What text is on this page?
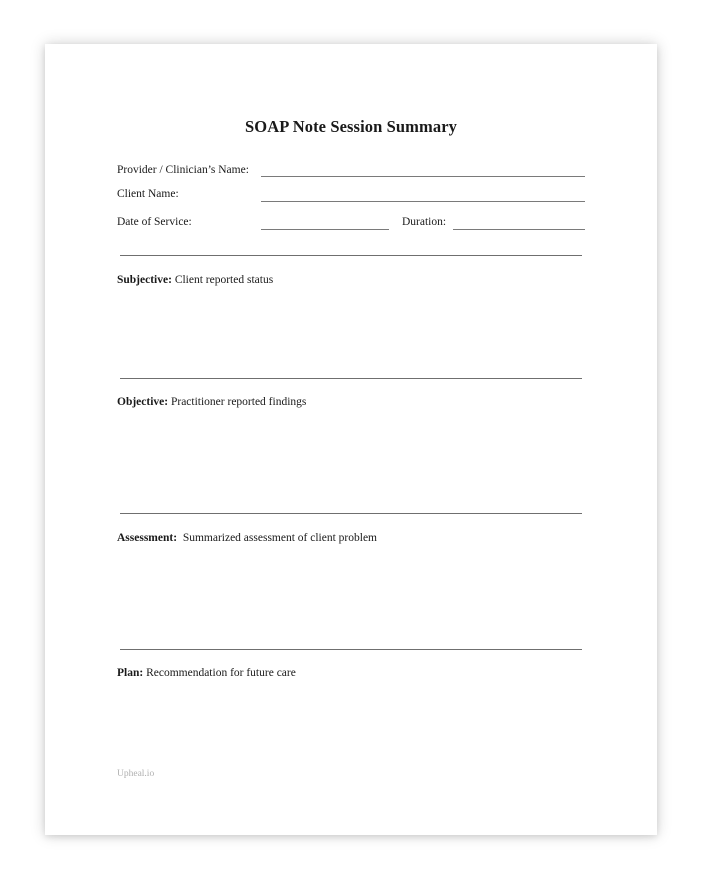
SOAP Note Session Summary
Provider / Clinician’s Name:
Client Name:
Date of Service:	Duration:
Subjective: Client reported status
Objective: Practitioner reported findings
Assessment:  Summarized assessment of client problem
Plan: Recommendation for future care
Upheal.io
